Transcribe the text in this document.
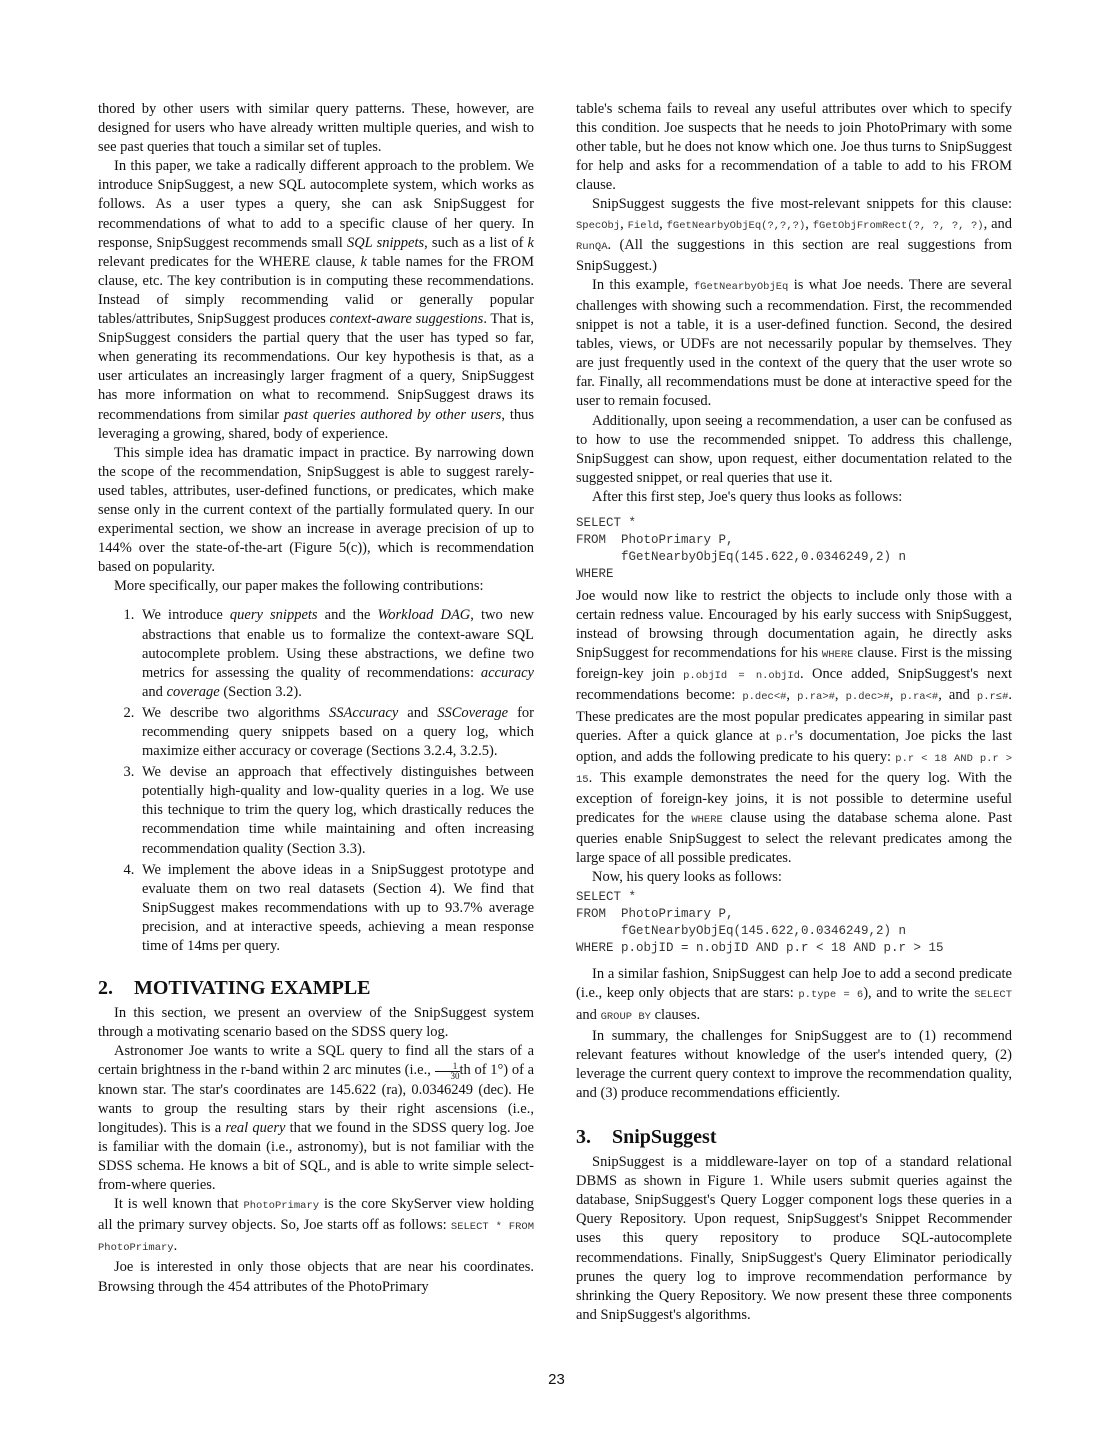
thored by other users with similar query patterns. These, however, are designed for users who have already written multiple queries, and wish to see past queries that touch a similar set of tuples.

In this paper, we take a radically different approach to the problem. We introduce SnipSuggest, a new SQL autocomplete system, which works as follows. As a user types a query, she can ask SnipSuggest for recommendations of what to add to a specific clause of her query. In response, SnipSuggest recommends small SQL snippets, such as a list of k relevant predicates for the WHERE clause, k table names for the FROM clause, etc. The key contribution is in computing these recommendations. Instead of simply recommending valid or generally popular tables/attributes, SnipSuggest produces context-aware suggestions. That is, SnipSuggest considers the partial query that the user has typed so far, when generating its recommendations. Our key hypothesis is that, as a user articulates an increasingly larger fragment of a query, SnipSuggest has more information on what to recommend. SnipSuggest draws its recommendations from similar past queries authored by other users, thus leveraging a growing, shared, body of experience.

This simple idea has dramatic impact in practice. By narrowing down the scope of the recommendation, SnipSuggest is able to suggest rarely-used tables, attributes, user-defined functions, or predicates, which make sense only in the current context of the partially formulated query. In our experimental section, we show an increase in average precision of up to 144% over the state-of-the-art (Figure 5(c)), which is recommendation based on popularity.

More specifically, our paper makes the following contributions:

1. We introduce query snippets and the Workload DAG, two new abstractions that enable us to formalize the context-aware SQL autocomplete problem. Using these abstractions, we define two metrics for assessing the quality of recommendations: accuracy and coverage (Section 3.2).
2. We describe two algorithms SSAccuracy and SSCoverage for recommending query snippets based on a query log, which maximize either accuracy or coverage (Sections 3.2.4, 3.2.5).
3. We devise an approach that effectively distinguishes between potentially high-quality and low-quality queries in a log. We use this technique to trim the query log, which drastically reduces the recommendation time while maintaining and often increasing recommendation quality (Section 3.3).
4. We implement the above ideas in a SnipSuggest prototype and evaluate them on two real datasets (Section 4). We find that SnipSuggest makes recommendations with up to 93.7% average precision, and at interactive speeds, achieving a mean response time of 14ms per query.
2. MOTIVATING EXAMPLE

In this section, we present an overview of the SnipSuggest system through a motivating scenario based on the SDSS query log.

Astronomer Joe wants to write a SQL query to find all the stars of a certain brightness in the r-band within 2 arc minutes (i.e., $\frac{1}{30}$ th of 1°) of a known star. The star's coordinates are 145.622 (ra), 0.0346249 (dec). He wants to group the resulting stars by their right ascensions (i.e., longitudes). This is a real query that we found in the SDSS query log. Joe is familiar with the domain (i.e., astronomy), but is not familiar with the SDSS schema. He knows a bit of SQL, and is able to write simple select-from-where queries.

It is well known that PhotoPrimary is the core SkyServer view holding all the primary survey objects. So, Joe starts off as follows: SELECT * FROM PhotoPrimary.

Joe is interested in only those objects that are near his coordinates. Browsing through the 454 attributes of the PhotoPrimary

table's schema fails to reveal any useful attributes over which to specify this condition. Joe suspects that he needs to join PhotoPrimary with some other table, but he does not know which one. Joe thus turns to SnipSuggest for help and asks for a recommendation of a table to add to his FROM clause.

SnipSuggest suggests the five most-relevant snippets for this clause: SpecObj, Field, fGetNearbyObjEq(?,?,?), fGetObjFromRect(?, ?, ?, ?), and RunQA. (All the suggestions in this section are real suggestions from SnipSuggest.)

In this example, fGetNearbyObjEq is what Joe needs. There are several challenges with showing such a recommendation. First, the recommended snippet is not a table, it is a user-defined function. Second, the desired tables, views, or UDFs are not necessarily popular by themselves. They are just frequently used in the context of the query that the user wrote so far. Finally, all recommendations must be done at interactive speed for the user to remain focused.

Additionally, upon seeing a recommendation, a user can be confused as to how to use the recommended snippet. To address this challenge, SnipSuggest can show, upon request, either documentation related to the suggested snippet, or real queries that use it.

After this first step, Joe's query thus looks as follows:

SELECT *
FROM  PhotoPrimary P,
fGetNearbyObjEq(145.622,0.0346249,2) n
WHERE

Joe would now like to restrict the objects to include only those with a certain redness value. Encouraged by his early success with SnipSuggest, instead of browsing through documentation again, he directly asks SnipSuggest for recommendations for his WHERE clause. First is the missing foreign-key join p.objId = n.objId. Once added, SnipSuggest's next recommendations become: p.dec<#, p.ra>#, p.dec>#, p.ra<#, and p.r≤#. These predicates are the most popular predicates appearing in similar past queries. After a quick glance at p.r's documentation, Joe picks the last option, and adds the following predicate to his query: p.r < 18 AND p.r > 15. This example demonstrates the need for the query log. With the exception of foreign-key joins, it is not possible to determine useful predicates for the WHERE clause using the database schema alone. Past queries enable SnipSuggest to select the relevant predicates among the large space of all possible predicates.

Now, his query looks as follows:

SELECT *
FROM  PhotoPrimary P,
fGetNearbyObjEq(145.622,0.0346249,2) n
WHERE p.objID = n.objID AND p.r < 18 AND p.r > 15

In a similar fashion, SnipSuggest can help Joe to add a second predicate (i.e., keep only objects that are stars: p.type = 6), and to write the SELECT and GROUP BY clauses.

In summary, the challenges for SnipSuggest are to (1) recommend relevant features without knowledge of the user's intended query, (2) leverage the current query context to improve the recommendation quality, and (3) produce recommendations efficiently.

3. SnipSuggest

SnipSuggest is a middleware-layer on top of a standard relational DBMS as shown in Figure 1. While users submit queries against the database, SnipSuggest's Query Logger component logs these queries in a Query Repository. Upon request, SnipSuggest's Snippet Recommender uses this query repository to produce SQL-autocomplete recommendations. Finally, SnipSuggest's Query Eliminator periodically prunes the query log to improve recommendation performance by shrinking the Query Repository. We now present these three components and SnipSuggest's algorithms.

23
